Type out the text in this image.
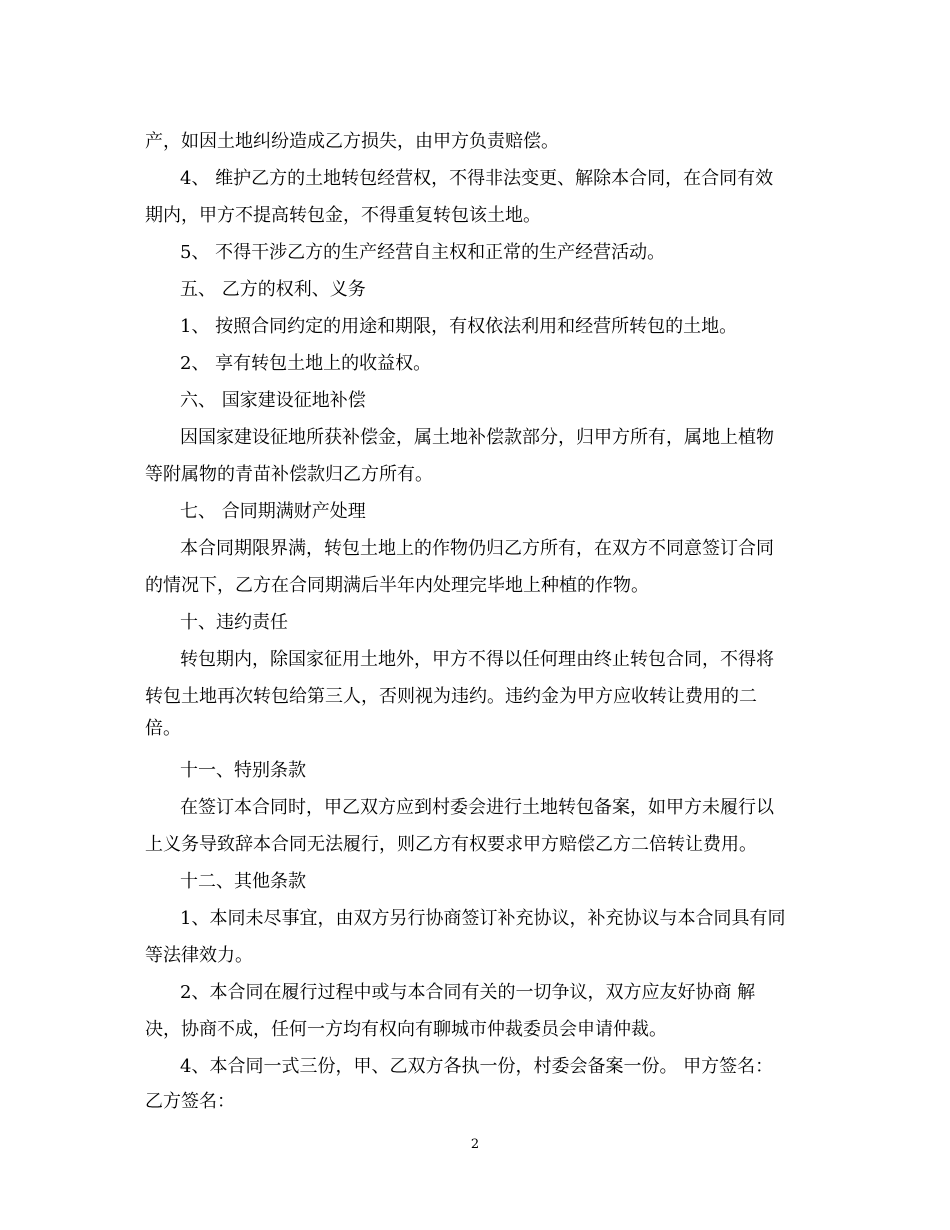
产，如因土地纠纷造成乙方损失，由甲方负责赔偿。
4、 维护乙方的土地转包经营权，不得非法变更、解除本合同，在合同有效
期内，甲方不提高转包金，不得重复转包该土地。
5、 不得干涉乙方的生产经营自主权和正常的生产经营活动。
五、 乙方的权利、义务
1、 按照合同约定的用途和期限，有权依法利用和经营所转包的土地。
2、 享有转包土地上的收益权。
六、 国家建设征地补偿
因国家建设征地所获补偿金，属土地补偿款部分，归甲方所有，属地上植物
等附属物的青苗补偿款归乙方所有。
七、 合同期满财产处理
本合同期限界满，转包土地上的作物仍归乙方所有，在双方不同意签订合同
的情况下，乙方在合同期满后半年内处理完毕地上种植的作物。
十、违约责任
转包期内，除国家征用土地外，甲方不得以任何理由终止转包合同，不得将
转包土地再次转包给第三人，否则视为违约。违约金为甲方应收转让费用的二
倍。
十一、特别条款
在签订本合同时，甲乙双方应到村委会进行土地转包备案，如甲方未履行以
上义务导致辞本合同无法履行，则乙方有权要求甲方赔偿乙方二倍转让费用。
十二、其他条款
1、本同未尽事宜，由双方另行协商签订补充协议，补充协议与本合同具有同
等法律效力。
2、本合同在履行过程中或与本合同有关的一切争议，双方应友好协商 解
决，协商不成，任何一方均有权向有聊城市仲裁委员会申请仲裁。
4、本合同一式三份，甲、乙双方各执一份，村委会备案一份。 甲方签名：
乙方签名：
2
